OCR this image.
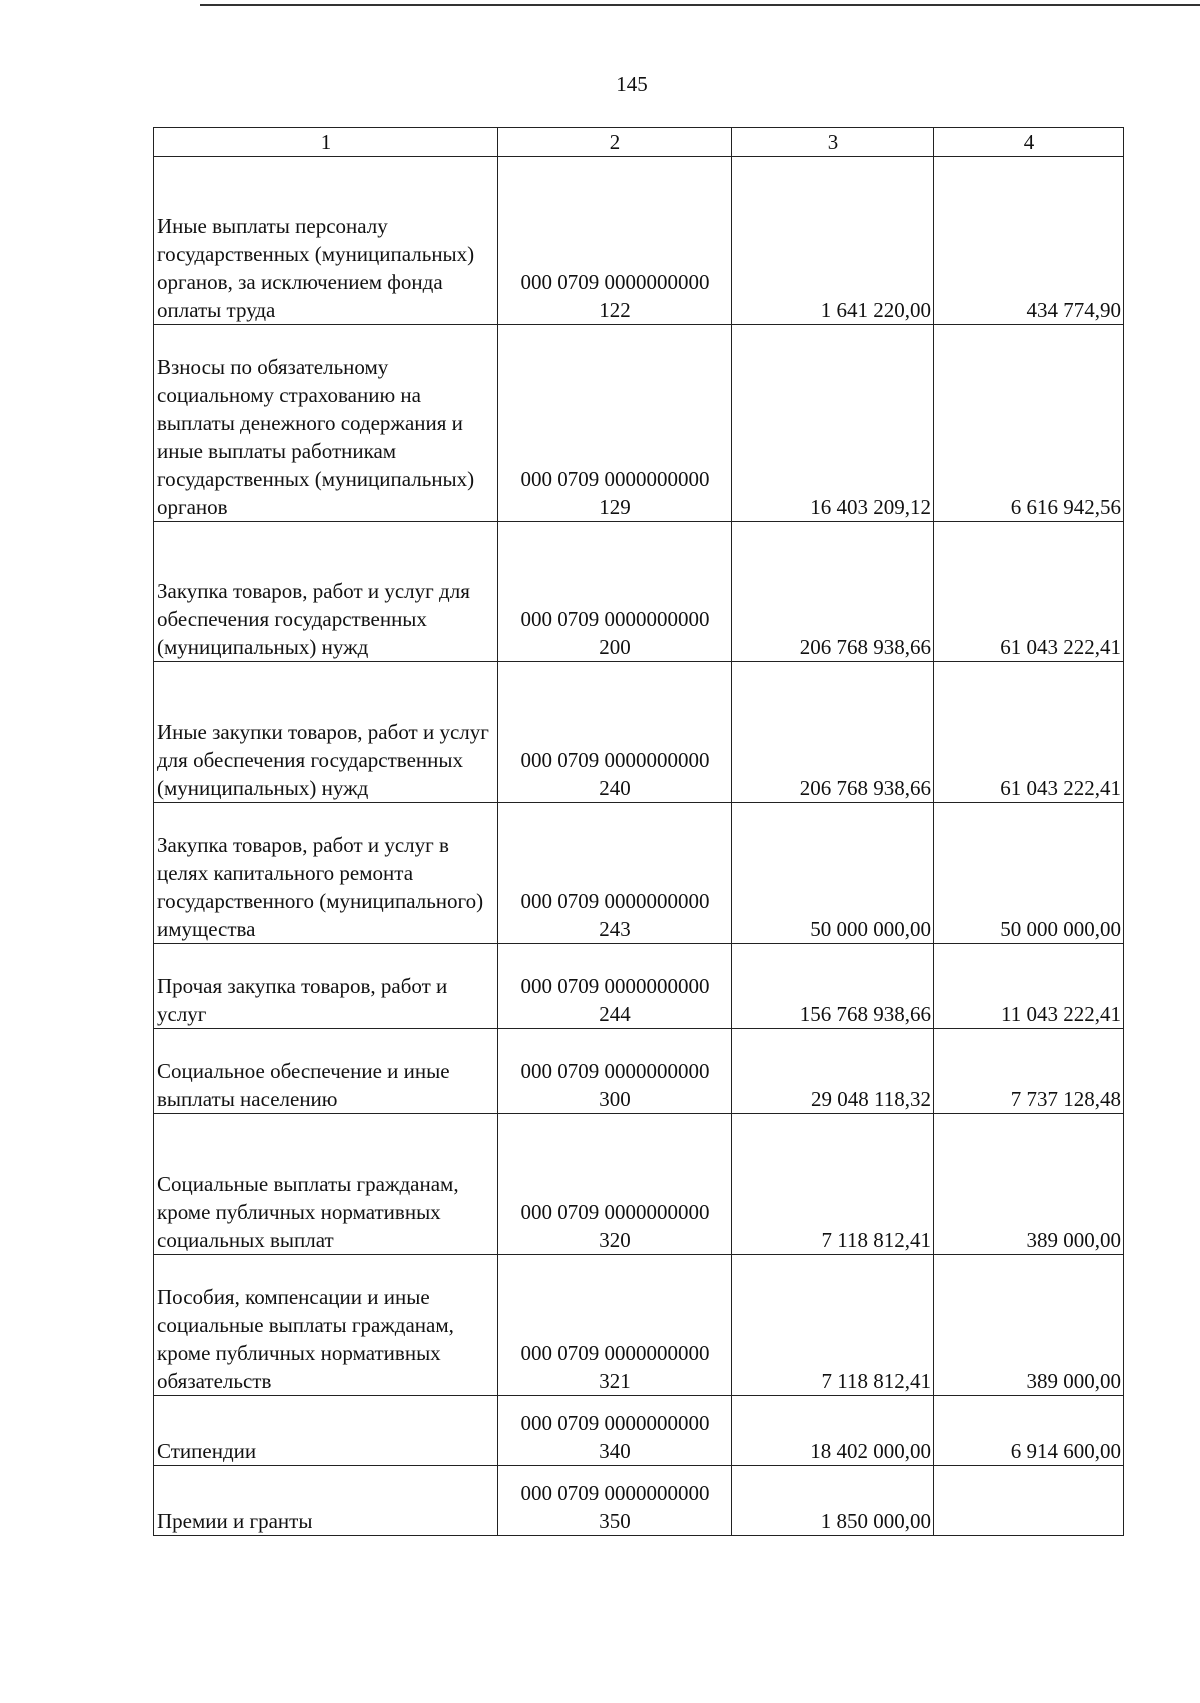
145
1	2	3	4
Иные выплаты персоналу государственных (муниципальных) органов, за исключением фонда оплаты труда	000 0709 0000000000
122	1 641 220,00	434 774,90
Взносы по обязательному социальному страхованию на выплаты денежного содержания и иные выплаты работникам государственных (муниципальных) органов	000 0709 0000000000
129	16 403 209,12	6 616 942,56
Закупка товаров, работ и услуг для обеспечения государственных (муниципальных) нужд	000 0709 0000000000
200	206 768 938,66	61 043 222,41
Иные закупки товаров, работ и услуг для обеспечения государственных (муниципальных) нужд	000 0709 0000000000
240	206 768 938,66	61 043 222,41
Закупка товаров, работ и услуг в целях капитального ремонта государственного (муниципального) имущества	000 0709 0000000000
243	50 000 000,00	50 000 000,00
Прочая закупка товаров, работ и услуг	000 0709 0000000000
244	156 768 938,66	11 043 222,41
Социальное обеспечение и иные выплаты населению	000 0709 0000000000
300	29 048 118,32	7 737 128,48
Социальные выплаты гражданам, кроме публичных нормативных социальных выплат	000 0709 0000000000
320	7 118 812,41	389 000,00
Пособия, компенсации и иные социальные выплаты гражданам, кроме публичных нормативных обязательств	000 0709 0000000000
321	7 118 812,41	389 000,00
Стипендии	000 0709 0000000000
340	18 402 000,00	6 914 600,00
Премии и гранты	000 0709 0000000000
350	1 850 000,00	
